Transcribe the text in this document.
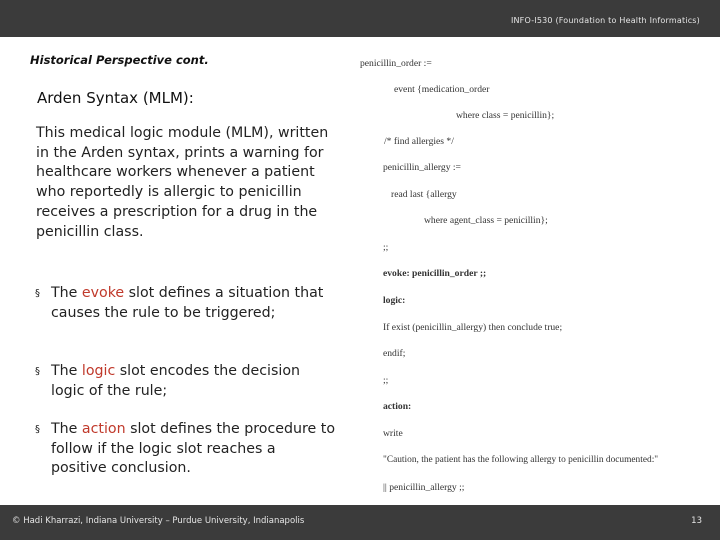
INFO-I530 (Foundation to Health Informatics)
Historical Perspective cont.
Arden Syntax (MLM):
This medical logic module (MLM), written in the Arden syntax, prints a warning for healthcare workers whenever a patient who reportedly is allergic to penicillin receives a prescription for a drug in the penicillin class.
§ The evoke slot defines a situation that causes the rule to be triggered;
§ The logic slot encodes the decision logic of the rule;
§ The action slot defines the procedure to follow if the logic slot reaches a positive conclusion.
penicillin_order :=
event {medication_order
where class = penicillin};
/* find allergies */
penicillin_allergy :=
read last {allergy
where agent_class = penicillin};
;;
evoke: penicillin_order ;;
logic:
If exist (penicillin_allergy) then conclude true;
endif;
;;
action:
write
"Caution, the patient has the following allergy to penicillin documented:"
|| penicillin_allergy ;;
© Hadi Kharrazi, Indiana University – Purdue University, Indianapolis	13
